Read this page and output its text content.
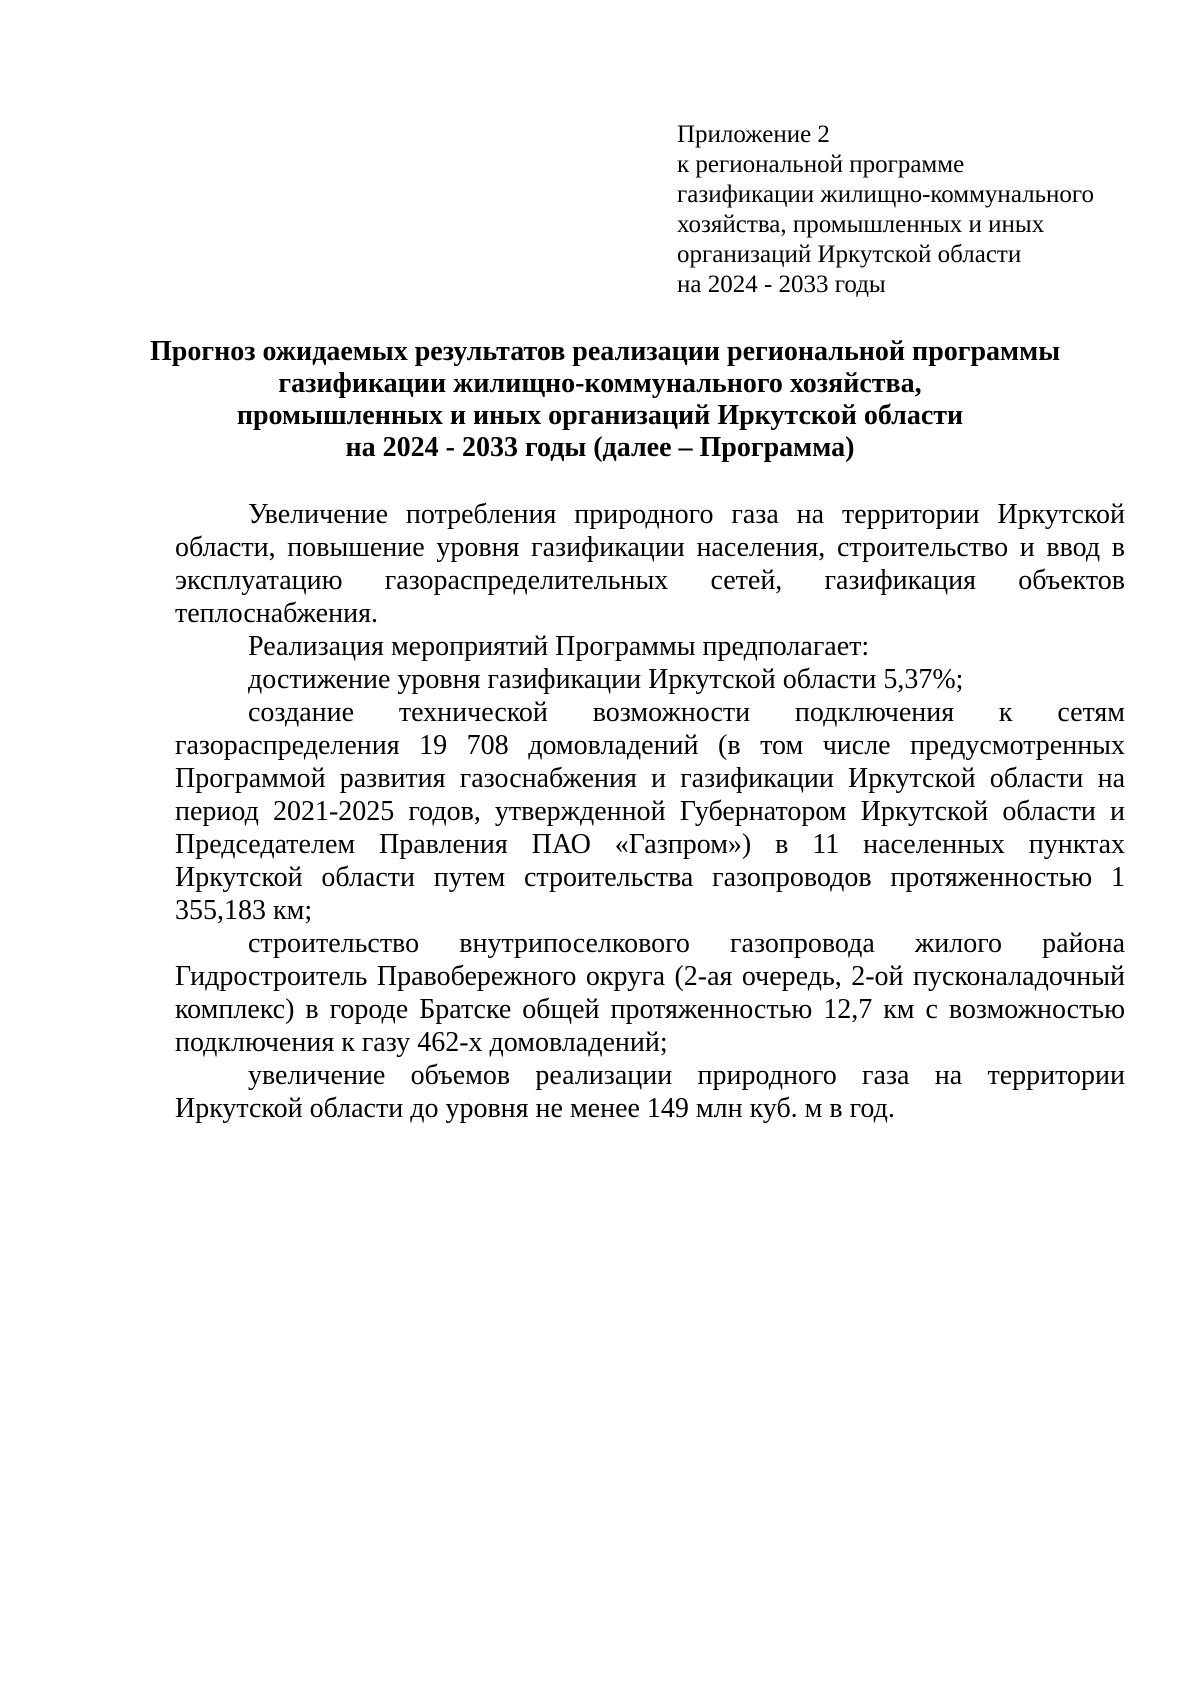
Приложение 2
к региональной программе
газификации жилищно-коммунального
хозяйства, промышленных и иных
организаций Иркутской области
на 2024 - 2033 годы
Прогноз ожидаемых результатов реализации региональной программы
газификации жилищно-коммунального хозяйства,
промышленных и иных организаций Иркутской области
на 2024 - 2033 годы (далее – Программа)

Увеличение потребления природного газа на территории Иркутской области, повышение уровня газификации населения, строительство и ввод в эксплуатацию газораспределительных сетей, газификация объектов теплоснабжения.

Реализация мероприятий Программы предполагает:

достижение уровня газификации Иркутской области 5,37%;

создание технической возможности подключения к сетям газораспределения 19 708 домовладений (в том числе предусмотренных Программой развития газоснабжения и газификации Иркутской области на период 2021-2025 годов, утвержденной Губернатором Иркутской области и Председателем Правления ПАО «Газпром») в 11 населенных пунктах Иркутской области путем строительства газопроводов протяженностью 1 355,183 км;

строительство внутрипоселкового газопровода жилого района Гидростроитель Правобережного округа (2-ая очередь, 2-ой пусконаладочный комплекс) в городе Братске общей протяженностью 12,7 км с возможностью подключения к газу 462-х домовладений;

увеличение объемов реализации природного газа на территории Иркутской области до уровня не менее 149 млн куб. м в год.
